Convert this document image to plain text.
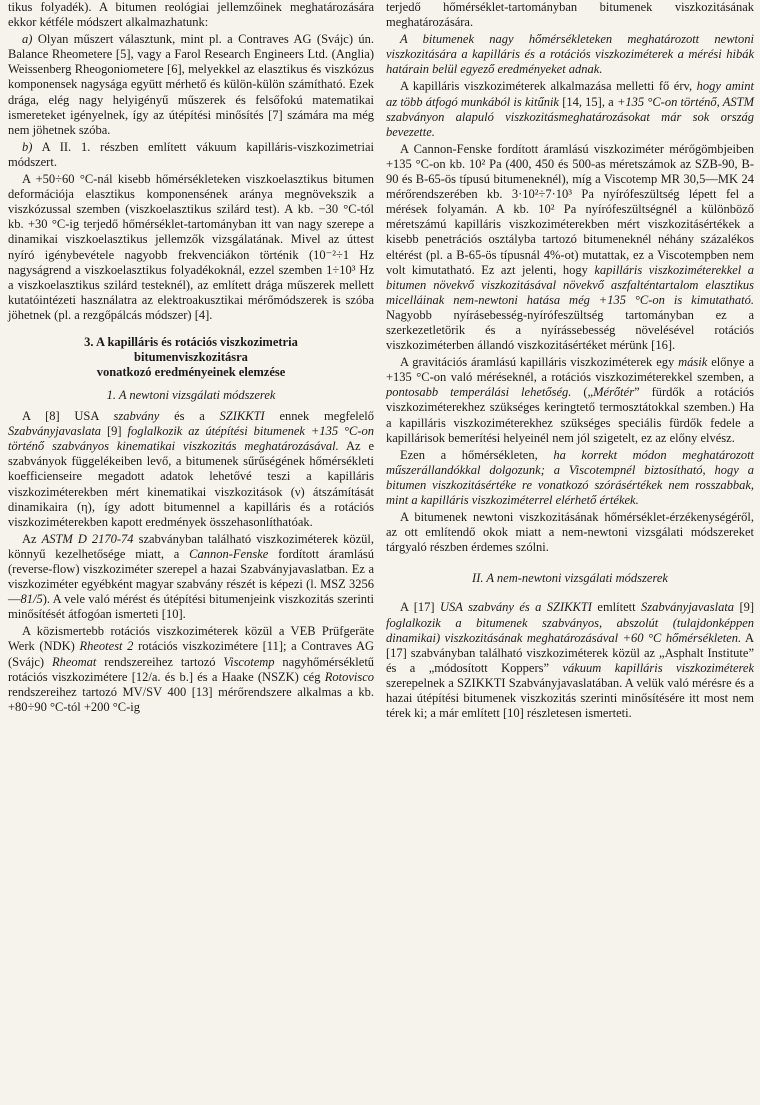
tikus folyadék). A bitumen reológiai jellemzőinek meghatározására ekkor kétféle módszert alkalmazhatunk:

a) Olyan műszert választunk, mint pl. a Contraves AG (Svájc) ún. Balance Rheometere [5], vagy a Farol Research Engineers Ltd. (Anglia) Weissenberg Rheogoniometere [6], melyekkel az elasztikus és viszkózus komponensek nagysága együtt mérhető és külön-külön számítható. Ezek drága, elég nagy helyigényű műszerek és felsőfokú matematikai ismereteket igényelnek, így az útépítési minősítés [7] számára ma még nem jöhetnek szóba.

b) A II. 1. részben említett vákuum kapilláris-viszkozimetriai módszert.

A +50÷60 °C-nál kisebb hőmérsékleteken viszkoelasztikus bitumen deformációja elasztikus komponensének aránya megnövekszik a viszkózussal szemben (viszkoelasztikus szilárd test). A kb. −30 °C-tól kb. +30 °C-ig terjedő hőmérséklet-tartományban itt van nagy szerepe a dinamikai viszkoelasztikus jellemzők vizsgálatának. Mivel az úttest nyíró igénybevétele nagyobb frekvenciákon történik (10⁻²÷1 Hz nagyságrend a viszkoelasztikus folyadékoknál, ezzel szemben 1÷10³ Hz a viszkoelasztikus szilárd testeknél), az említett drága műszerek mellett kutatóintézeti használatra az elektroakusztikai mérőmódszerek is szóba jöhetnek (pl. a rezgőpálcás módszer) [4].

3. A kapilláris és rotációs viszkozimetria
bitumenviszkozitásra
vonatkozó eredményeinek elemzése

1. A newtoni vizsgálati módszerek

A [8] USA szabvány és a SZIKKTI ennek megfelelő Szabványjavaslata [9] foglalkozik az útépítési bitumenek +135 °C-on történő szabványos kinematikai viszkozitás meghatározásával. Az e szabványok függelékeiben levő, a bitumenek sűrűségének hőmérsékleti koefficienseire megadott adatok lehetővé teszi a kapilláris viszkoziméterekben mért kinematikai viszkozitások (ν) átszámítását dinamikaira (η), így adott bitumennel a kapilláris és a rotációs viszkoziméterekben kapott eredmények összehasonlíthatóak.

Az ASTM D 2170-74 szabványban található viszkoziméterek közül, könnyű kezelhetősége miatt, a Cannon-Fenske fordított áramlású (reverse-flow) viszkoziméter szerepel a hazai Szabványjavaslatban. Ez a viszkoziméter egyébként magyar szabvány részét is képezi (l. MSZ 3256—81/5). A vele való mérést és útépítési bitumenjeink viszkozitás szerinti minősítését átfogóan ismerteti [10].

A közismertebb rotációs viszkoziméterek közül a VEB Prüfgeräte Werk (NDK) Rheotest 2 rotációs viszkozimétere [11]; a Contraves AG (Svájc) Rheomat rendszereihez tartozó Viscotemp nagyhőmérsékletű rotációs viszkozimétere [12/a. és b.] és a Haake (NSZK) cég Rotovisco rendszereihez tartozó MV/SV 400 [13] mérőrendszere alkalmas a kb. +80÷90 °C-tól +200 °C-ig

terjedő hőmérséklet-tartományban bitumenek viszkozitásának meghatározására.

A bitumenek nagy hőmérsékleteken meghatározott newtoni viszkozitására a kapilláris és a rotációs viszkoziméterek a mérési hibák határain belül egyező eredményeket adnak.

A kapilláris viszkoziméterek alkalmazása melletti fő érv, hogy amint az több átfogó munkából is kitűnik [14, 15], a +135 °C-on történő, ASTM szabványon alapuló viszkozitásmeghatározásokat már sok ország bevezette.

A Cannon-Fenske fordított áramlású viszkoziméter mérőgömbjeiben +135 °C-on kb. 10² Pa (400, 450 és 500-as méretszámok az SZB-90, B-90 és B-65-ös típusú bitumeneknél), míg a Viscotemp MR 30,5—MK 24 mérőrendszerében kb. 3·10²÷7·10³ Pa nyírófeszültség lépett fel a mérések folyamán. A kb. 10² Pa nyírófeszültségnél a különböző méretszámú kapilláris viszkoziméterekben mért viszkozitásértékek a kisebb penetrációs osztályba tartozó bitumeneknél néhány százalékos eltérést (pl. a B-65-ös típusnál 4%-ot) mutattak, ez a Viscotempben nem volt kimutatható. Ez azt jelenti, hogy kapilláris viszkoziméterekkel a bitumen növekvő viszkozitásával növekvő aszfalténtartalom elasztikus micelláinak nem-newtoni hatása még +135 °C-on is kimutatható. Nagyobb nyírásebesség-nyírófeszültség tartományban ez a szerkezetletörik és a nyírássebesség növelésével rotációs viszkoziméterben állandó viszkozitásértéket mérünk [16].

A gravitációs áramlású kapilláris viszkoziméterek egy másik előnye a +135 °C-on való méréseknél, a rotációs viszkoziméterekkel szemben, a pontosabb temperálási lehetőség. („Mérőtér” fürdők a rotációs viszkoziméterekhez szükséges keringtető termosztátokkal szemben.) Ha a kapilláris viszkoziméterekhez szükséges speciális fürdők fedele a kapillárisok bemerítési helyeinél nem jól szigetelt, ez az előny elvész.

Ezen a hőmérsékleten, ha korrekt módon meghatározott műszerállandókkal dolgozunk; a Viscotempnél biztosítható, hogy a bitumen viszkozitásértéke re vonatkozó szórásértékek nem rosszabbak, mint a kapilláris viszkoziméterrel elérhető értékek.

A bitumenek newtoni viszkozitásának hőmérséklet-érzékenységéről, az ott említendő okok miatt a nem-newtoni vizsgálati módszereket tárgyaló részben érdemes szólni.

II. A nem-newtoni vizsgálati módszerek

A [17] USA szabvány és a SZIKKTI említett Szabványjavaslata [9] foglalkozik a bitumenek szabványos, abszolút (tulajdonképpen dinamikai) viszkozitásának meghatározásával +60 °C hőmérsékleten. A [17] szabványban található viszkoziméterek közül az „Asphalt Institute” és a „módosított Koppers” vákuum kapilláris viszkoziméterek szerepelnek a SZIKKTI Szabványjavaslatában. A velük való mérésre és a hazai útépítési bitumenek viszkozitás szerinti minősítésére itt most nem térek ki; a már említett [10] részletesen ismerteti.
